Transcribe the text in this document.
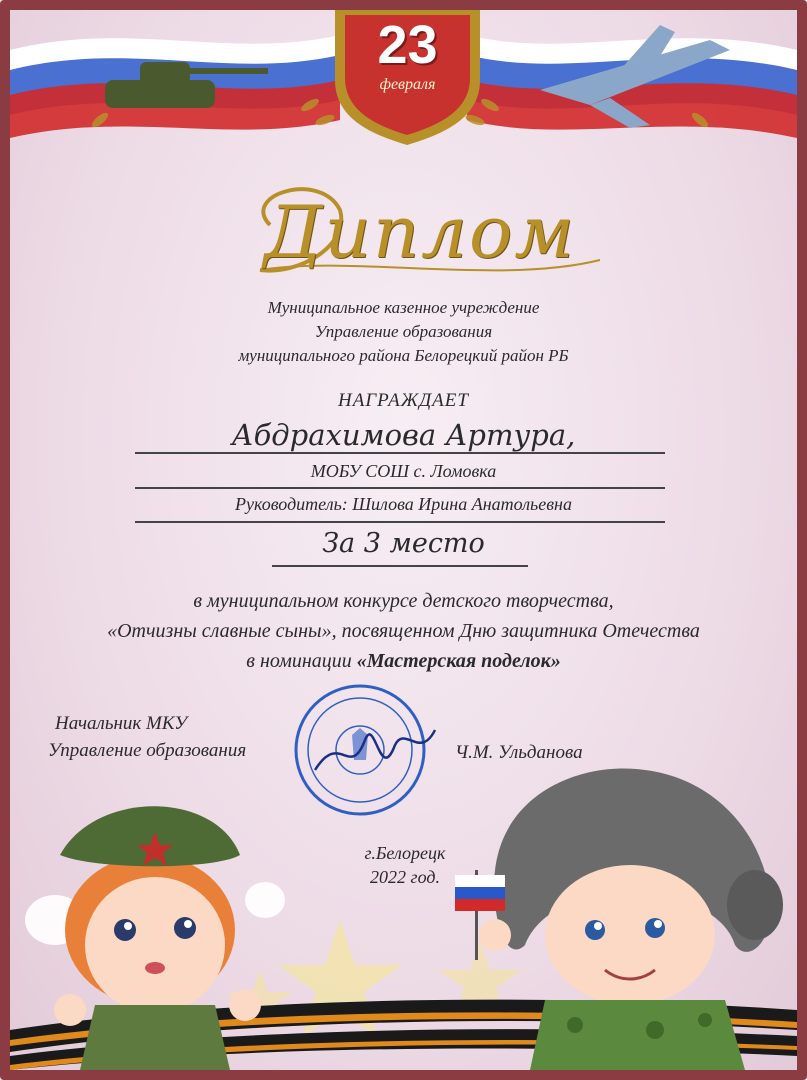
23
февраля
Диплом
Муниципальное казенное учреждение
Управление образования
муниципального района Белорецкий район РБ
НАГРАЖДАЕТ
Абдрахимова Артура,
МОБУ СОШ с. Ломовка
Руководитель: Шилова Ирина Анатольевна
За 3 место
в муниципальном конкурсе детского творчества,
«Отчизны славные сыны», посвященном Дню защитника Отечества
в номинации «Мастерская поделок»
Начальник МКУ
Управление образования	Ч.М. Ульданова
г.Белорецк
2022 год.
